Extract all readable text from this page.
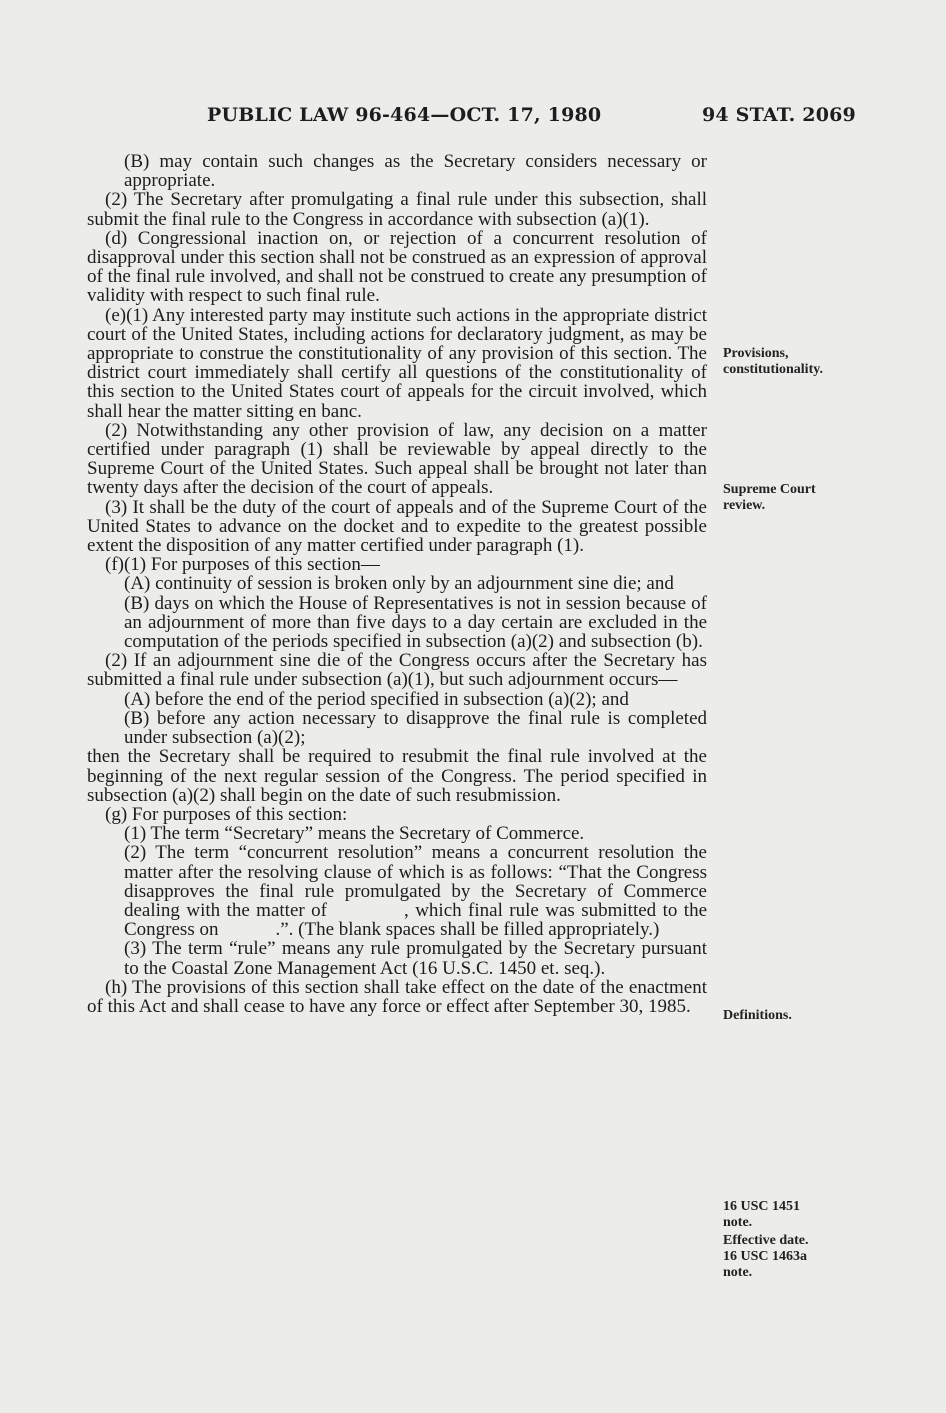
PUBLIC LAW 96-464—OCT. 17, 1980	94 STAT. 2069

(B) may contain such changes as the Secretary considers necessary or appropriate.

(2) The Secretary after promulgating a final rule under this subsection, shall submit the final rule to the Congress in accordance with subsection (a)(1).

(d) Congressional inaction on, or rejection of a concurrent resolution of disapproval under this section shall not be construed as an expression of approval of the final rule involved, and shall not be construed to create any presumption of validity with respect to such final rule.

(e)(1) Any interested party may institute such actions in the appropriate district court of the United States, including actions for declaratory judgment, as may be appropriate to construe the constitutionality of any provision of this section. The district court immediately shall certify all questions of the constitutionality of this section to the United States court of appeals for the circuit involved, which shall hear the matter sitting en banc.

(2) Notwithstanding any other provision of law, any decision on a matter certified under paragraph (1) shall be reviewable by appeal directly to the Supreme Court of the United States. Such appeal shall be brought not later than twenty days after the decision of the court of appeals.

(3) It shall be the duty of the court of appeals and of the Supreme Court of the United States to advance on the docket and to expedite to the greatest possible extent the disposition of any matter certified under paragraph (1).

(f)(1) For purposes of this section—

(A) continuity of session is broken only by an adjournment sine die; and

(B) days on which the House of Representatives is not in session because of an adjournment of more than five days to a day certain are excluded in the computation of the periods specified in subsection (a)(2) and subsection (b).

(2) If an adjournment sine die of the Congress occurs after the Secretary has submitted a final rule under subsection (a)(1), but such adjournment occurs—

(A) before the end of the period specified in subsection (a)(2); and

(B) before any action necessary to disapprove the final rule is completed under subsection (a)(2);

then the Secretary shall be required to resubmit the final rule involved at the beginning of the next regular session of the Congress. The period specified in subsection (a)(2) shall begin on the date of such resubmission.

(g) For purposes of this section:

(1) The term “Secretary” means the Secretary of Commerce.

(2) The term “concurrent resolution” means a concurrent resolution the matter after the resolving clause of which is as follows: “That the Congress disapproves the final rule promulgated by the Secretary of Commerce dealing with the matter of            , which final rule was submitted to the Congress on            .”. (The blank spaces shall be filled appropriately.)

(3) The term “rule” means any rule promulgated by the Secretary pursuant to the Coastal Zone Management Act (16 U.S.C. 1450 et. seq.).

(h) The provisions of this section shall take effect on the date of the enactment of this Act and shall cease to have any force or effect after September 30, 1985.

Provisions, constitutionality.
Supreme Court review.
Definitions.
16 USC 1451 note.
Effective date.
16 USC 1463a note.
